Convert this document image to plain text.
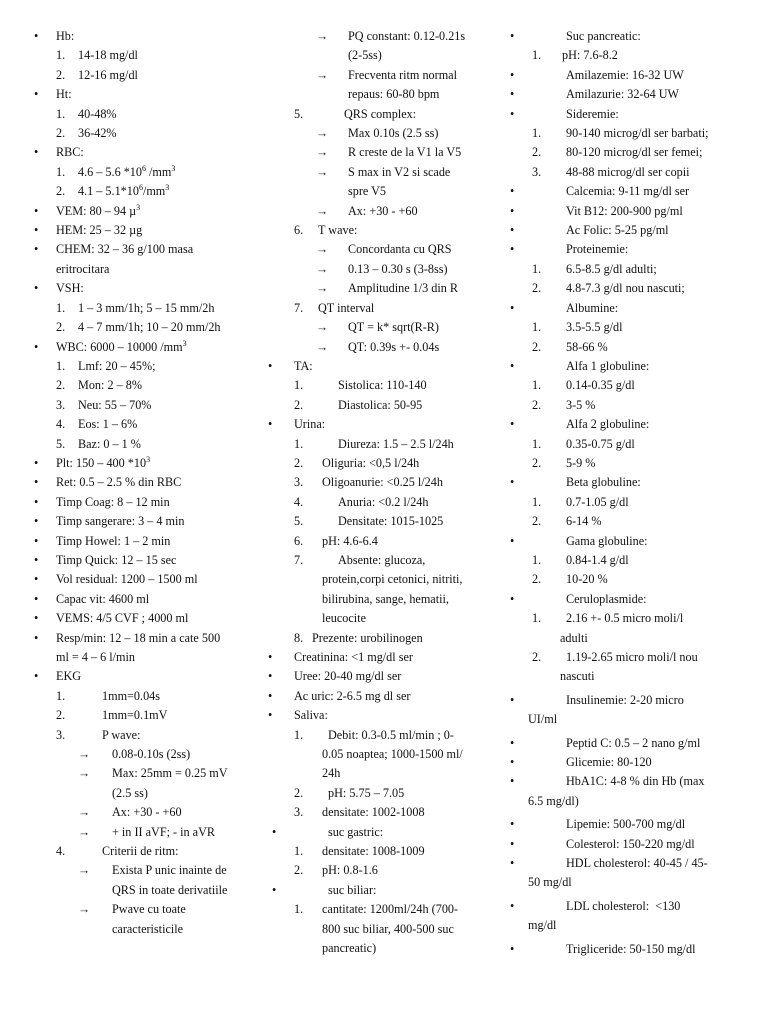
• Hb:
1. 14-18 mg/dl
2. 12-16 mg/dl
• Ht:
1. 40-48%
2. 36-42%
• RBC:
1. 4.6 – 5.6 $*10^6$ $/mm^3$
2. $4.1 - 5.1*10^6/mm^3$
• VEM: 80 – 94 µ$^3$
• HEM: 25 – 32 µg
• CHEM: 32 – 36 g/100 masa
eritrocitara
• VSH:
1. 1 – 3 mm/1h; 5 – 15 mm/2h
2. 4 – 7 mm/1h; 10 – 20 mm/2h
• WBC: 6000 – 10000 $/mm^3$
1. Lmf: 20 – 45%;
2. Mon: 2 – 8%
3. Neu: 55 – 70%
4. Eos: 1 – 6%
5. Baz: 0 – 1 %
• Plt: 150 – 400 $*10^3$
• Ret: 0.5 – 2.5 % din RBC
• Timp Coag: 8 – 12 min
• Timp sangerare: 3 – 4 min
• Timp Howel: 1 – 2 min
• Timp Quick: 12 – 15 sec
• Vol residual: 1200 – 1500 ml
• Capac vit: 4600 ml
• VEMS: 4/5 CVF ; 4000 ml
• Resp/min: 12 – 18 min a cate 500
ml = 4 – 6 l/min
• EKG
1.	1mm=0.04s
2.	1mm=0.1mV
3.	P wave:
→ 0.08-0.10s (2ss)
→ Max: 25mm = 0.25 mV
(2.5 ss)
→ Ax: +30 - +60
→ + in II aVF; - in aVR
4.	Criterii de ritm:
→ Exista P unic inainte de
QRS in toate derivatiile
→ Pwave cu toate
caracteristicile
→ PQ constant: 0.12-0.21s
(2-5ss)
→ Frecventa ritm normal
repaus: 60-80 bpm
5.	QRS complex:
→ Max 0.10s (2.5 ss)
→ R creste de la V1 la V5
→ S max in V2 si scade
spre V5
→ Ax: +30 - +60
6. T wave:
→ Concordanta cu QRS
→ 0.13 – 0.30 s (3-8ss)
→ Amplitudine 1/3 din R
7. QT interval
→ QT = k* sqrt(R-R)
→ QT: 0.39s +- 0.04s
• TA:
1.	Sistolica: 110-140
2.	Diastolica: 50-95
• Urina:
1.	Diureza: 1.5 – 2.5 l/24h
2. Oliguria: <0,5 l/24h
3. Oligoanurie: <0.25 l/24h
4.	Anuria: <0.2 l/24h
5.	Densitate: 1015-1025
6. pH: 4.6-6.4
7.	Absente: glucoza,
protein,corpi cetonici, nitriti,
bilirubina, sange, hematii,
leucocite
8. Prezente: urobilinogen
• Creatinina: <1 mg/dl ser
• Uree: 20-40 mg/dl ser
• Ac uric: 2-6.5 mg dl ser
• Saliva:
1. Debit: 0.3-0.5 ml/min ; 0-
0.05 noaptea; 1000-1500 ml/
24h
2. pH: 5.75 – 7.05
3. densitate: 1002-1008
•	suc gastric:
1. densitate: 1008-1009
2. pH: 0.8-1.6
•	suc biliar:
1. cantitate: 1200ml/24h (700-
800 suc biliar, 400-500 suc
pancreatic)
•	Suc pancreatic:
1. pH: 7.6-8.2
•	Amilazemie: 16-32 UW
•	Amilazurie: 32-64 UW
•	Sideremie:
1. 90-140 microg/dl ser barbati;
2. 80-120 microg/dl ser femei;
3. 48-88 microg/dl ser copii
•	Calcemia: 9-11 mg/dl ser
•	Vit B12: 200-900 pg/ml
•	Ac Folic: 5-25 pg/ml
•	Proteinemie:
1. 6.5-8.5 g/dl adulti;
2. 4.8-7.3 g/dl nou nascuti;
•	Albumine:
1. 3.5-5.5 g/dl
2. 58-66 %
•	Alfa 1 globuline:
1. 0.14-0.35 g/dl
2. 3-5 %
•	Alfa 2 globuline:
1. 0.35-0.75 g/dl
2. 5-9 %
•	Beta globuline:
1. 0.7-1.05 g/dl
2. 6-14 %
•	Gama globuline:
1. 0.84-1.4 g/dl
2. 10-20 %
•	Ceruloplasmide:
1. 2.16 +- 0.5 micro moli/l
adulti
2. 1.19-2.65 micro moli/l nou
nascuti
•	Insulinemie: 2-20 micro
UI/ml
•	Peptid C: 0.5 – 2 nano g/ml
•	Glicemie: 80-120
•	HbA1C: 4-8 % din Hb (max
6.5 mg/dl)
•	Lipemie: 500-700 mg/dl
•	Colesterol: 150-220 mg/dl
•	HDL cholesterol: 40-45 / 45-
50 mg/dl
•	LDL cholesterol:  <130
mg/dl
•	Trigliceride: 50-150 mg/dl
